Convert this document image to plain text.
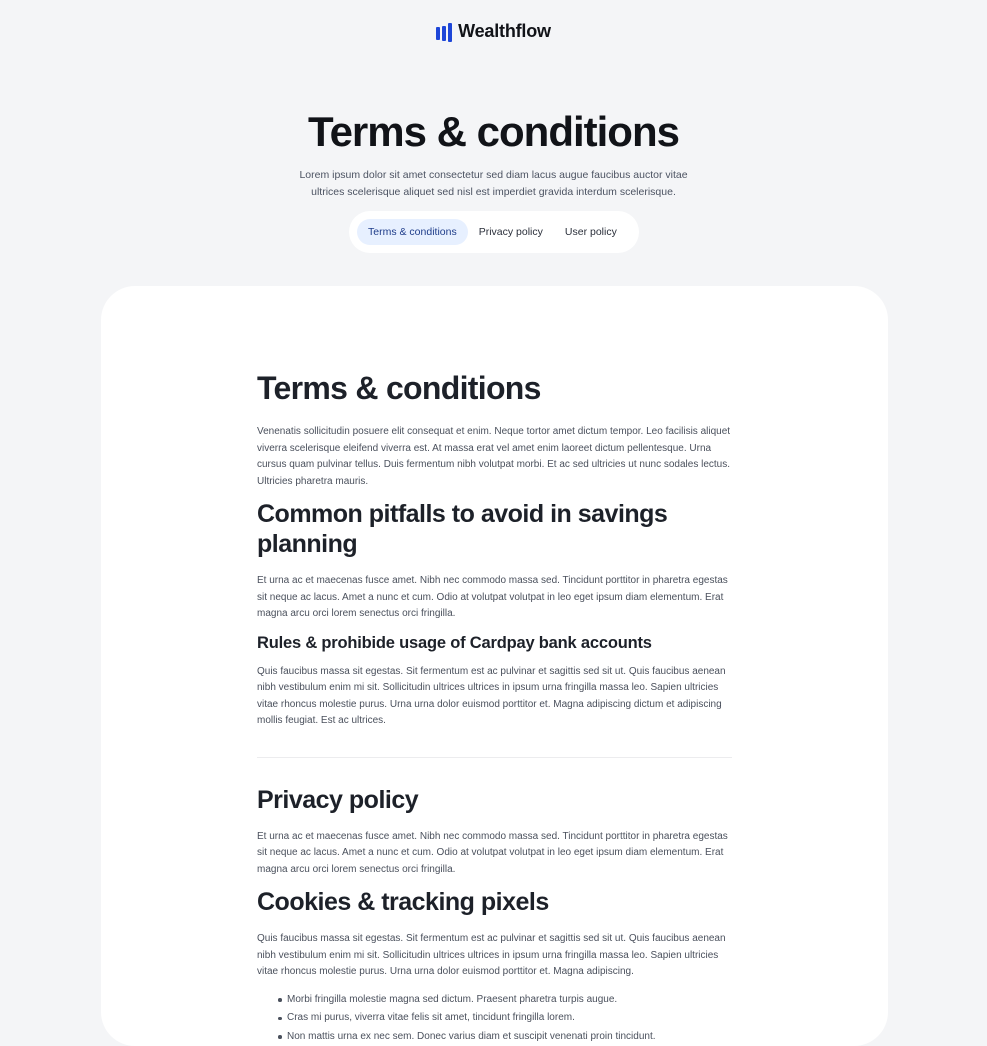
Wealthflow
Terms & conditions

Lorem ipsum dolor sit amet consectetur sed diam lacus augue faucibus auctor vitae ultrices scelerisque aliquet sed nisl est imperdiet gravida interdum scelerisque.

Terms & conditions	Privacy policy	User policy
Terms & conditions

Venenatis sollicitudin posuere elit consequat et enim. Neque tortor amet dictum tempor. Leo facilisis aliquet viverra scelerisque eleifend viverra est. At massa erat vel amet enim laoreet dictum pellentesque. Urna cursus quam pulvinar tellus. Duis fermentum nibh volutpat morbi. Et ac sed ultricies ut nunc sodales lectus. Ultricies pharetra mauris.

Common pitfalls to avoid in savings planning

Et urna ac et maecenas fusce amet. Nibh nec commodo massa sed. Tincidunt porttitor in pharetra egestas sit neque ac lacus. Amet a nunc et cum. Odio at volutpat volutpat in leo eget ipsum diam elementum. Erat magna arcu orci lorem senectus orci fringilla.

Rules & prohibide usage of Cardpay bank accounts

Quis faucibus massa sit egestas. Sit fermentum est ac pulvinar et sagittis sed sit ut. Quis faucibus aenean nibh vestibulum enim mi sit. Sollicitudin ultrices ultrices in ipsum urna fringilla massa leo. Sapien ultricies vitae rhoncus molestie purus. Urna urna dolor euismod porttitor et. Magna adipiscing dictum et adipiscing mollis feugiat. Est ac ultrices.

Privacy policy

Et urna ac et maecenas fusce amet. Nibh nec commodo massa sed. Tincidunt porttitor in pharetra egestas sit neque ac lacus. Amet a nunc et cum. Odio at volutpat volutpat in leo eget ipsum diam elementum. Erat magna arcu orci lorem senectus orci fringilla.

Cookies & tracking pixels

Quis faucibus massa sit egestas. Sit fermentum est ac pulvinar et sagittis sed sit ut. Quis faucibus aenean nibh vestibulum enim mi sit. Sollicitudin ultrices ultrices in ipsum urna fringilla massa leo. Sapien ultricies vitae rhoncus molestie purus. Urna urna dolor euismod porttitor et. Magna adipiscing.

Morbi fringilla molestie magna sed dictum. Praesent pharetra turpis augue.
Cras mi purus, viverra vitae felis sit amet, tincidunt fringilla lorem.
Non mattis urna ex nec sem. Donec varius diam et suscipit venenati proin tincidunt.
